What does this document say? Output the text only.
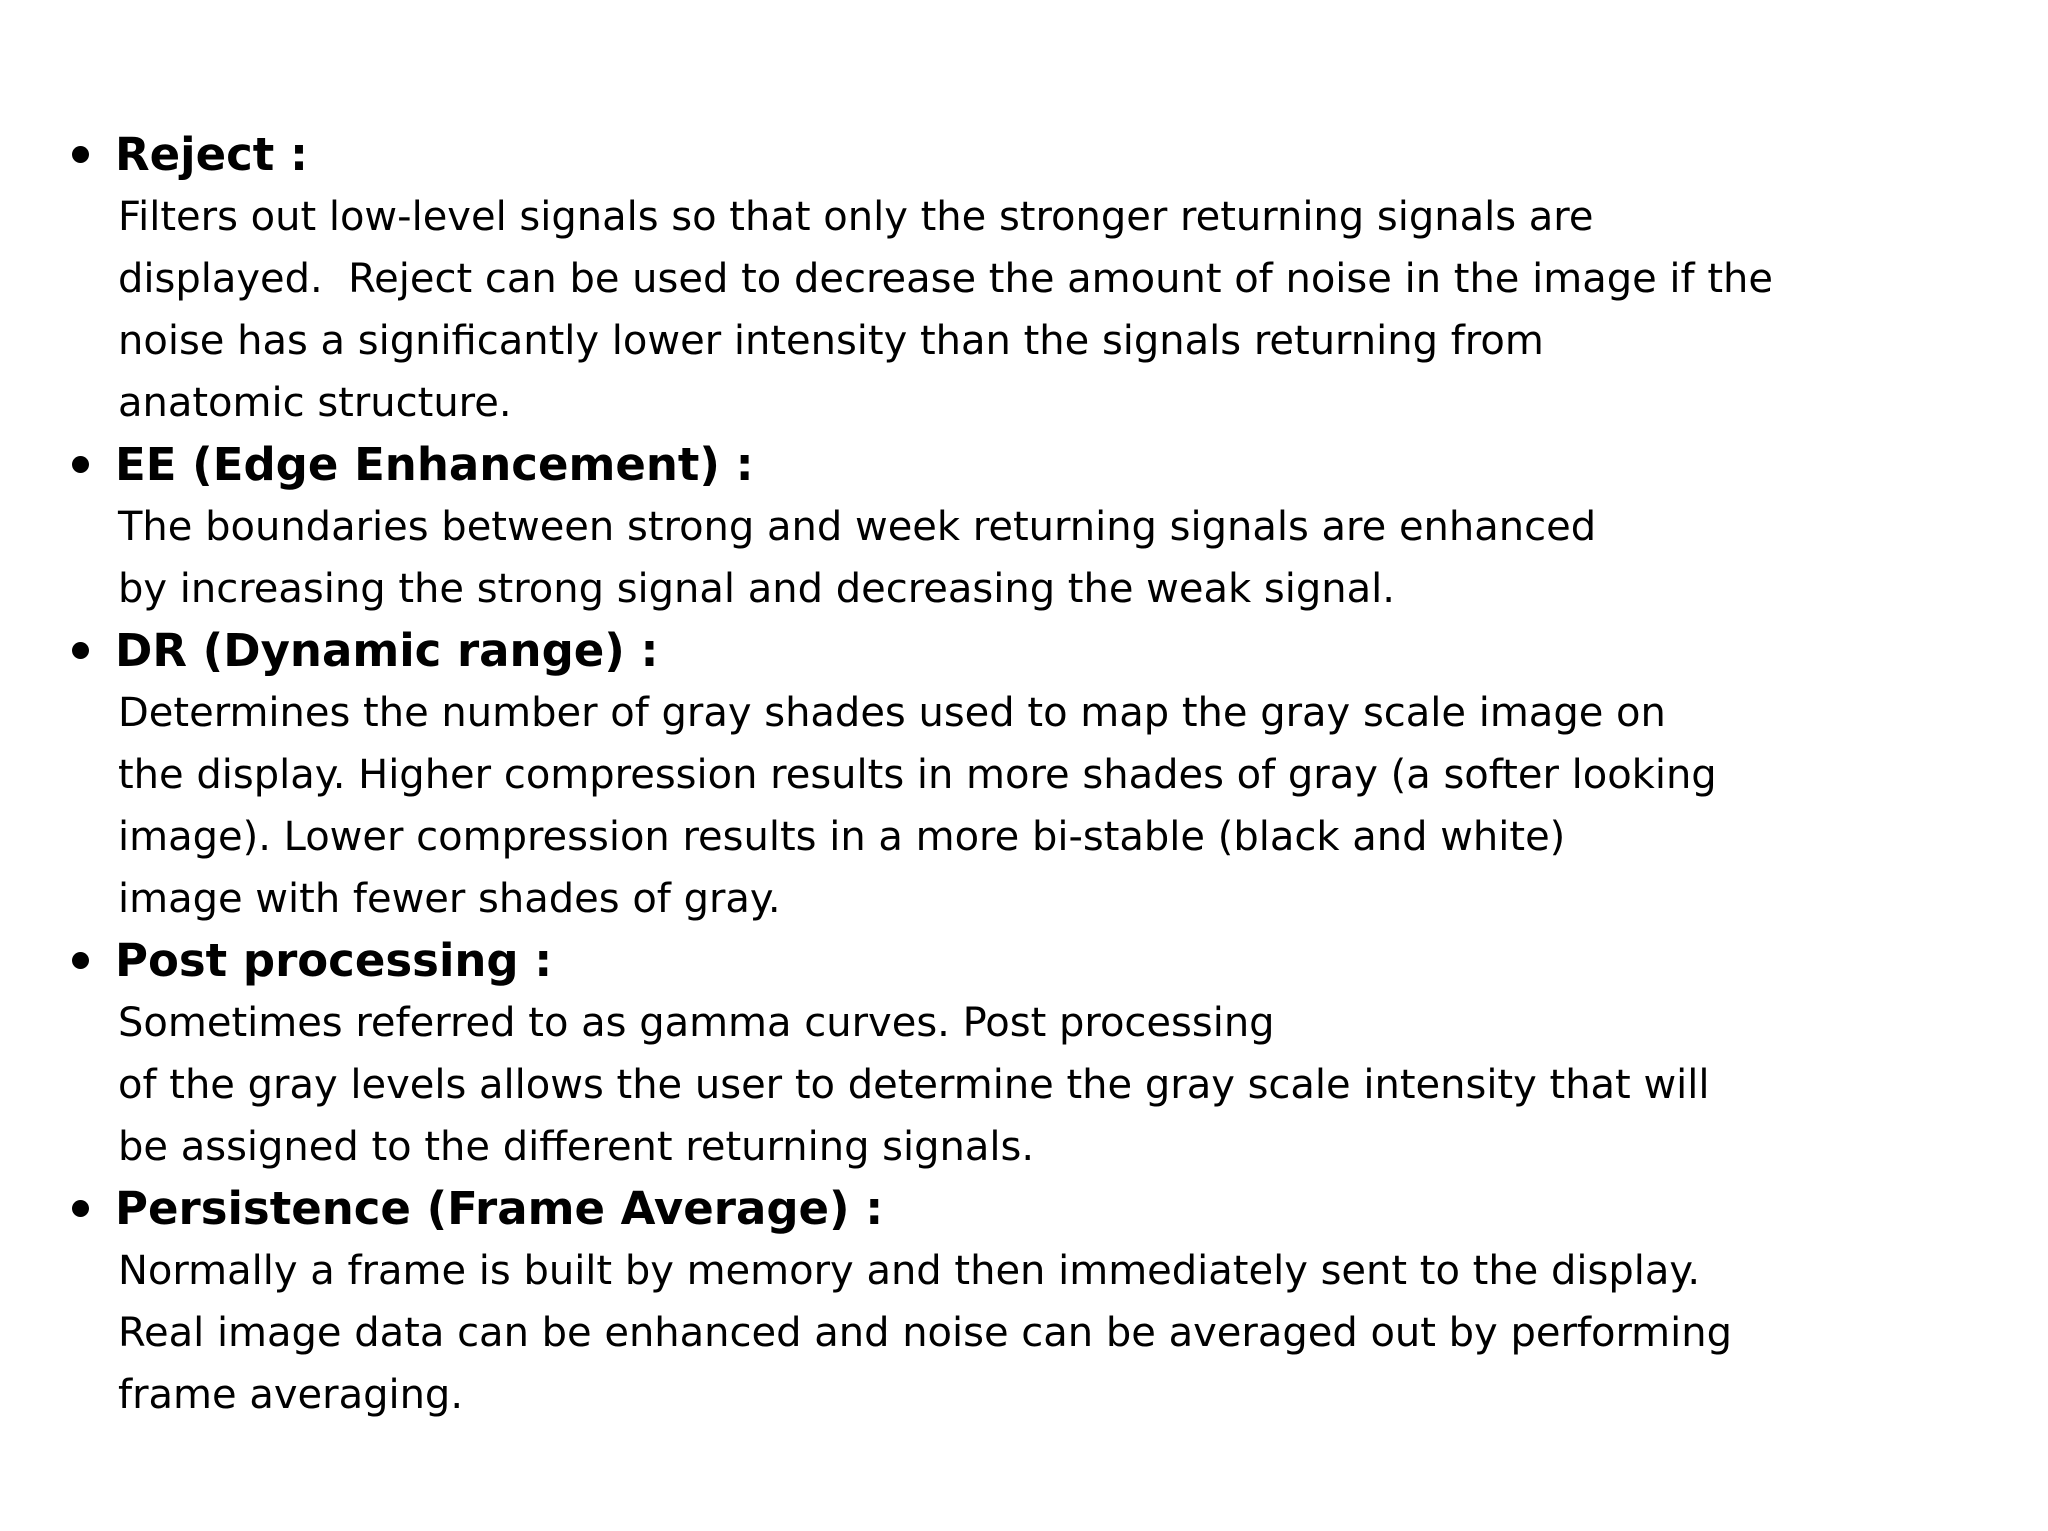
Reject :
Filters out low-level signals so that only the stronger returning signals are
displayed.  Reject can be used to decrease the amount of noise in the image if the
noise has a significantly lower intensity than the signals returning from
anatomic structure.
EE (Edge Enhancement) :
The boundaries between strong and week returning signals are enhanced
by increasing the strong signal and decreasing the weak signal.
DR (Dynamic range) :
Determines the number of gray shades used to map the gray scale image on
the display. Higher compression results in more shades of gray (a softer looking
image). Lower compression results in a more bi-stable (black and white)
image with fewer shades of gray.
Post processing :
Sometimes referred to as gamma curves. Post processing
of the gray levels allows the user to determine the gray scale intensity that will
be assigned to the different returning signals.
Persistence (Frame Average) :
Normally a frame is built by memory and then immediately sent to the display.
Real image data can be enhanced and noise can be averaged out by performing
frame averaging.
